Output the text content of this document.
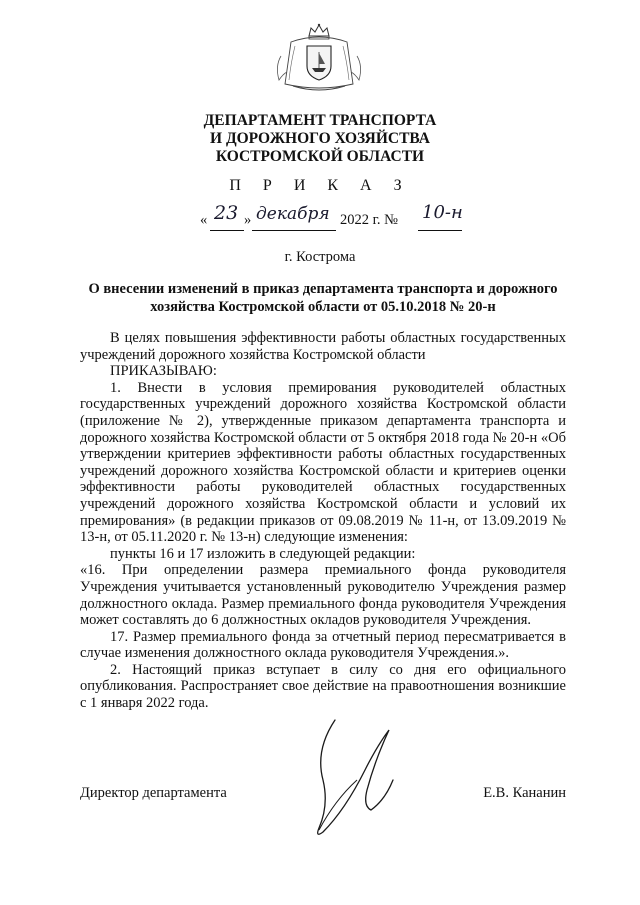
ДЕПАРТАМЕНТ ТРАНСПОРТА
И ДОРОЖНОГО ХОЗЯЙСТВА
КОСТРОМСКОЙ ОБЛАСТИ
П Р И К А З
« 23 » декабря 2022 г. № 10-н
г. Кострома
О внесении изменений в приказ департамента транспорта и дорожного хозяйства Костромской области от 05.10.2018 № 20-н

В целях повышения эффективности работы областных государственных учреждений дорожного хозяйства Костромской области

ПРИКАЗЫВАЮ:

1. Внести в условия премирования руководителей областных государственных учреждений дорожного хозяйства Костромской области (приложение № 2), утвержденные приказом департамента транспорта и дорожного хозяйства Костромской области от 5 октября 2018 года № 20-н «Об утверждении критериев эффективности работы областных государственных учреждений дорожного хозяйства Костромской области и критериев оценки эффективности работы руководителей областных государственных учреждений дорожного хозяйства Костромской области и условий их премирования» (в редакции приказов от 09.08.2019 № 11-н, от 13.09.2019 № 13-н, от 05.11.2020 г. № 13-н) следующие изменения:

пункты 16 и 17 изложить в следующей редакции:

«16. При определении размера премиального фонда руководителя Учреждения учитывается установленный руководителю Учреждения размер должностного оклада. Размер премиального фонда руководителя Учреждения может составлять до 6 должностных окладов руководителя Учреждения.

17. Размер премиального фонда за отчетный период пересматривается в случае изменения должностного оклада руководителя Учреждения.».

2. Настоящий приказ вступает в силу со дня его официального опубликования. Распространяет свое действие на правоотношения возникшие с 1 января 2022 года.

Директор департамента	Е.В. Кананин
